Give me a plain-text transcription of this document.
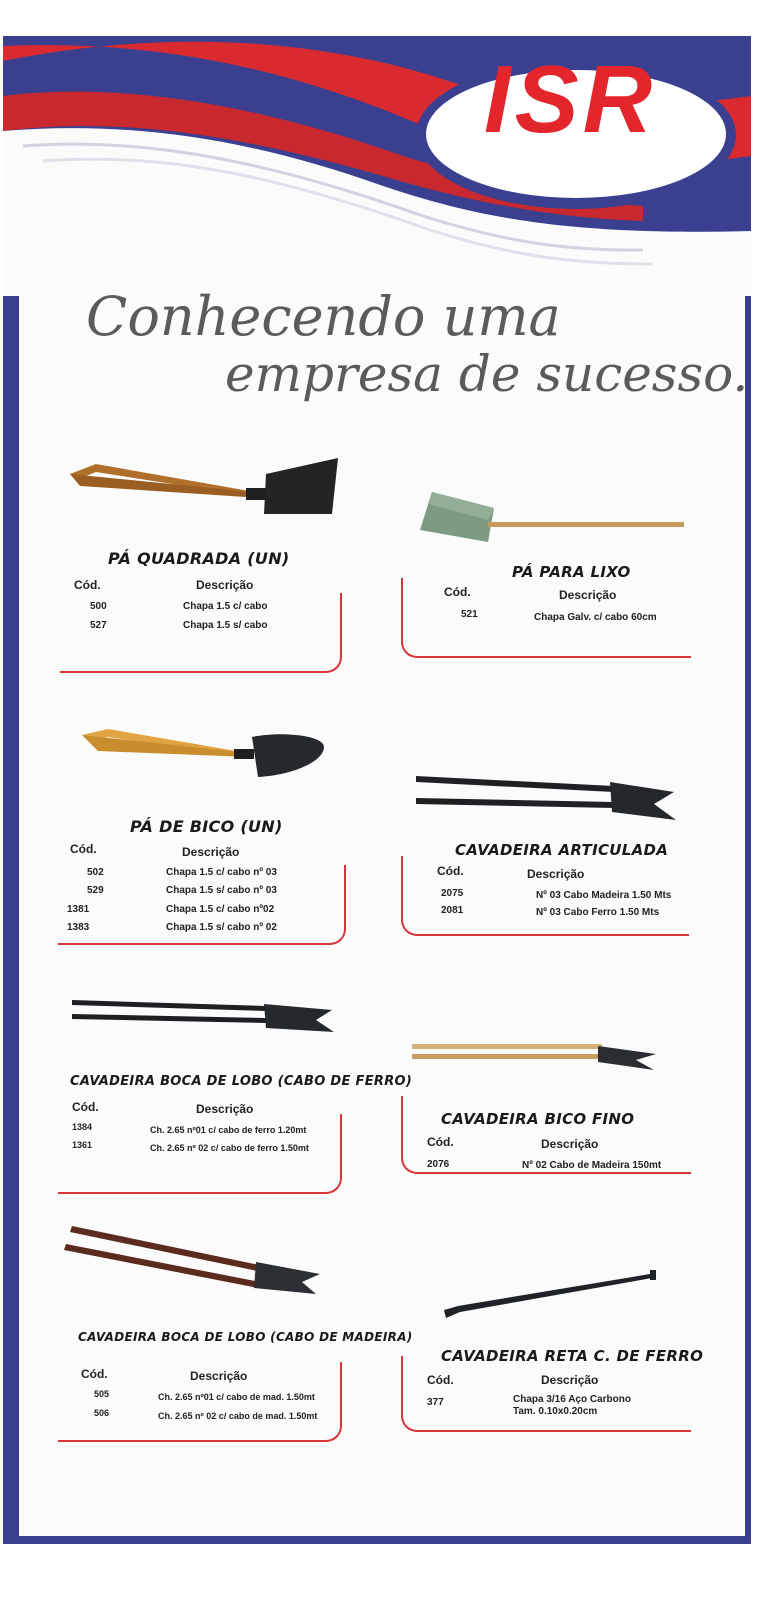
ISR
Conhecendo uma
empresa de sucesso.
PÁ QUADRADA (UN)
Cód.	Descrição
500	Chapa 1.5 c/ cabo
527	Chapa 1.5 s/ cabo
PÁ PARA LIXO
Cód.	Descrição
521	Chapa Galv. c/ cabo 60cm
PÁ DE BICO (UN)
Cód.	Descrição
502	Chapa 1.5 c/ cabo nº 03
529	Chapa 1.5 s/ cabo nº 03
1381	Chapa 1.5 c/ cabo nº02
1383	Chapa 1.5 s/ cabo nº 02
CAVADEIRA ARTICULADA
Cód.	Descrição
2075	Nº 03 Cabo Madeira 1.50 Mts
2081	Nº 03 Cabo Ferro 1.50 Mts
CAVADEIRA BOCA DE LOBO (CABO DE FERRO)
Cód.	Descrição
1384	Ch. 2.65 nº01 c/ cabo de ferro 1.20mt
1361	Ch. 2.65 nº 02 c/ cabo de ferro 1.50mt
CAVADEIRA BICO FINO
Cód.	Descrição
2076	Nº 02 Cabo de Madeira 150mt
CAVADEIRA BOCA DE LOBO (CABO DE MADEIRA)
Cód.	Descrição
505	Ch. 2.65 nº01 c/ cabo de mad. 1.50mt
506	Ch. 2.65 nº 02 c/ cabo de mad. 1.50mt
CAVADEIRA RETA C. DE FERRO
Cód.	Descrição
377	Chapa 3/16 Aço Carbono
Tam. 0.10x0.20cm
